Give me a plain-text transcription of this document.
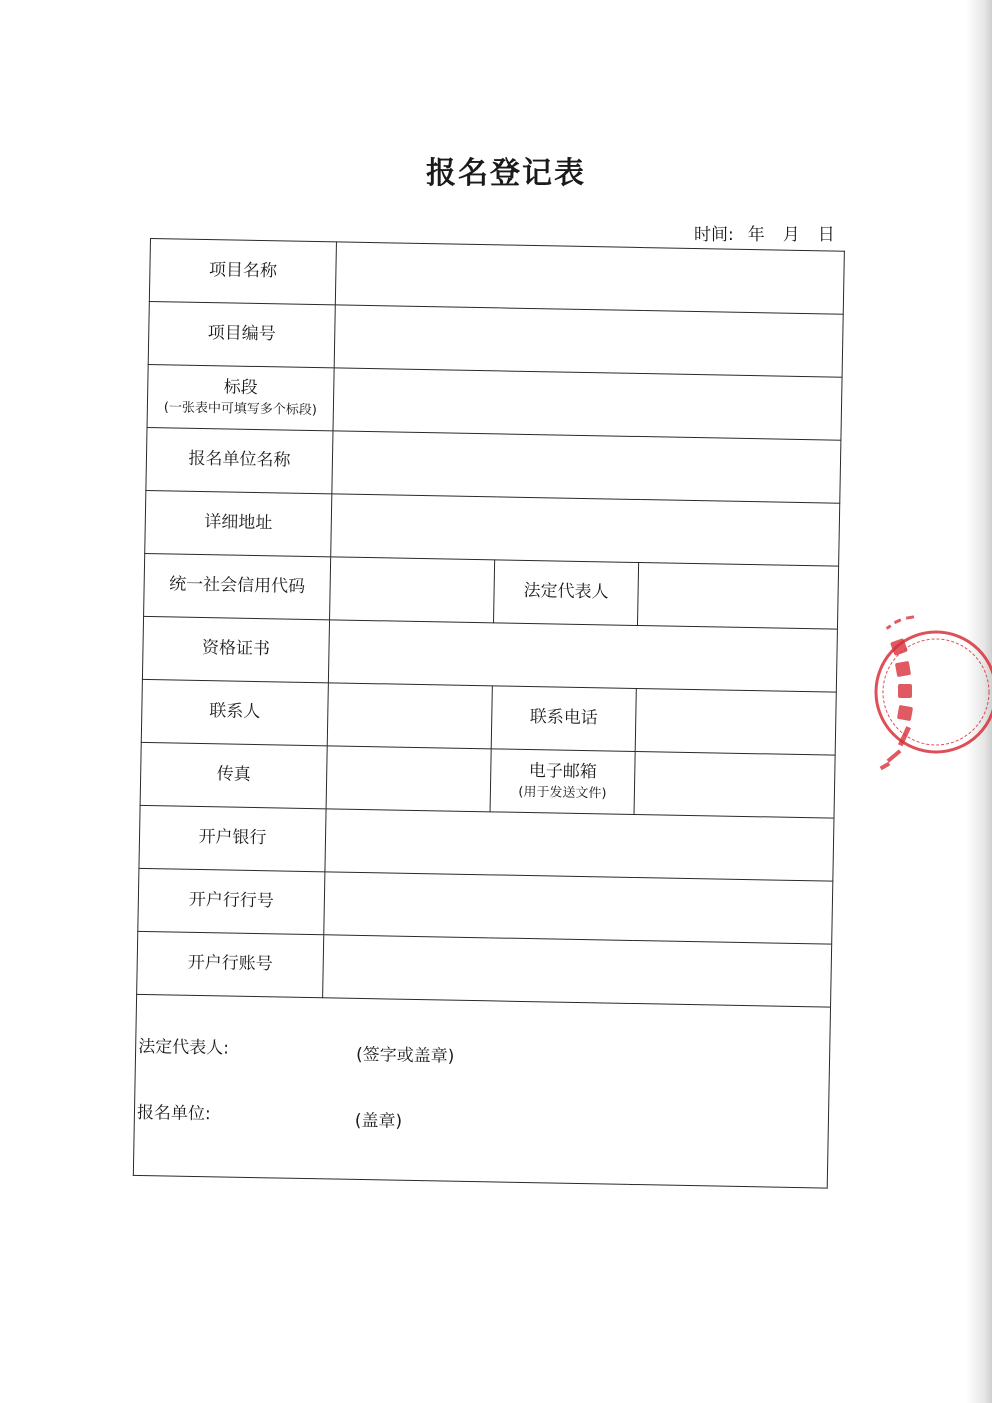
报名登记表
时间: 年 月 日
项目名称			
项目编号			
标段
(一张表中可填写多个标段)			

报名单位名称			
详细地址			
统一社会信用代码		法定代表人	
资格证书			
联系人		联系电话	
传真		电子邮箱
(用于发送文件)	

开户银行			
开户行行号			
开户行账号			

法定代表人: (签字或盖章)
报名单位: (盖章)			
